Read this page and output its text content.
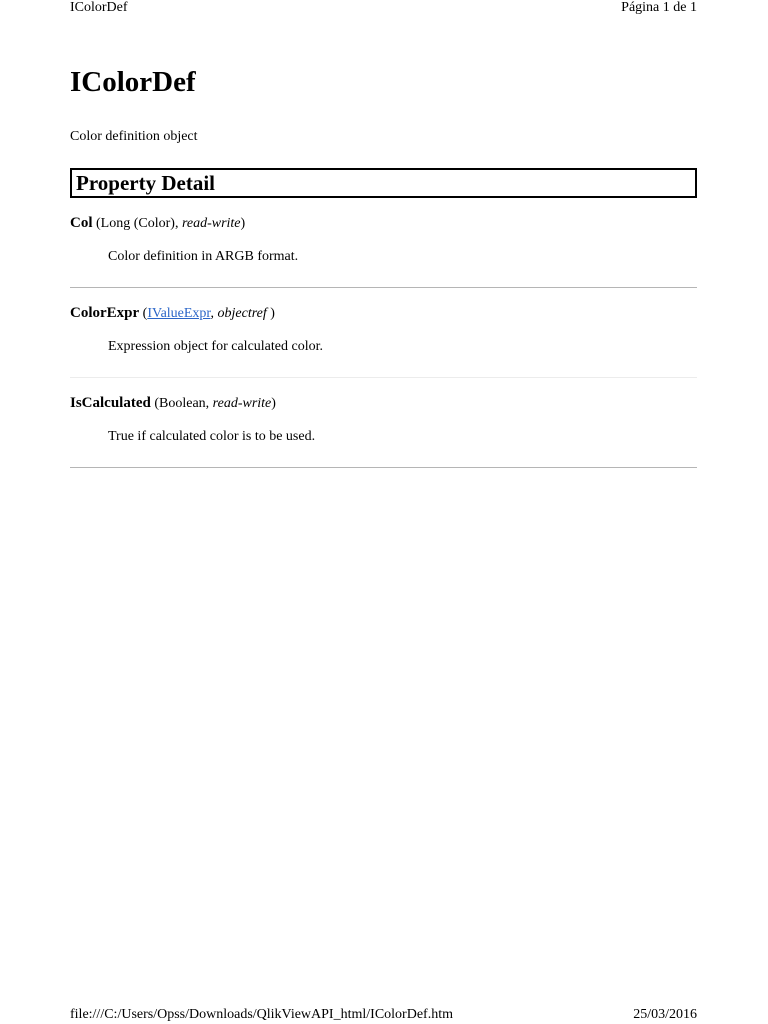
IColorDef	Página 1 de 1
IColorDef

Color definition object

Property Detail
Col (Long (Color), read-write)
Color definition in ARGB format.
ColorExpr (IValueExpr, objectref )
Expression object for calculated color.
IsCalculated (Boolean, read-write)
True if calculated color is to be used.
file:///C:/Users/Opss/Downloads/QlikViewAPI_html/IColorDef.htm	25/03/2016
